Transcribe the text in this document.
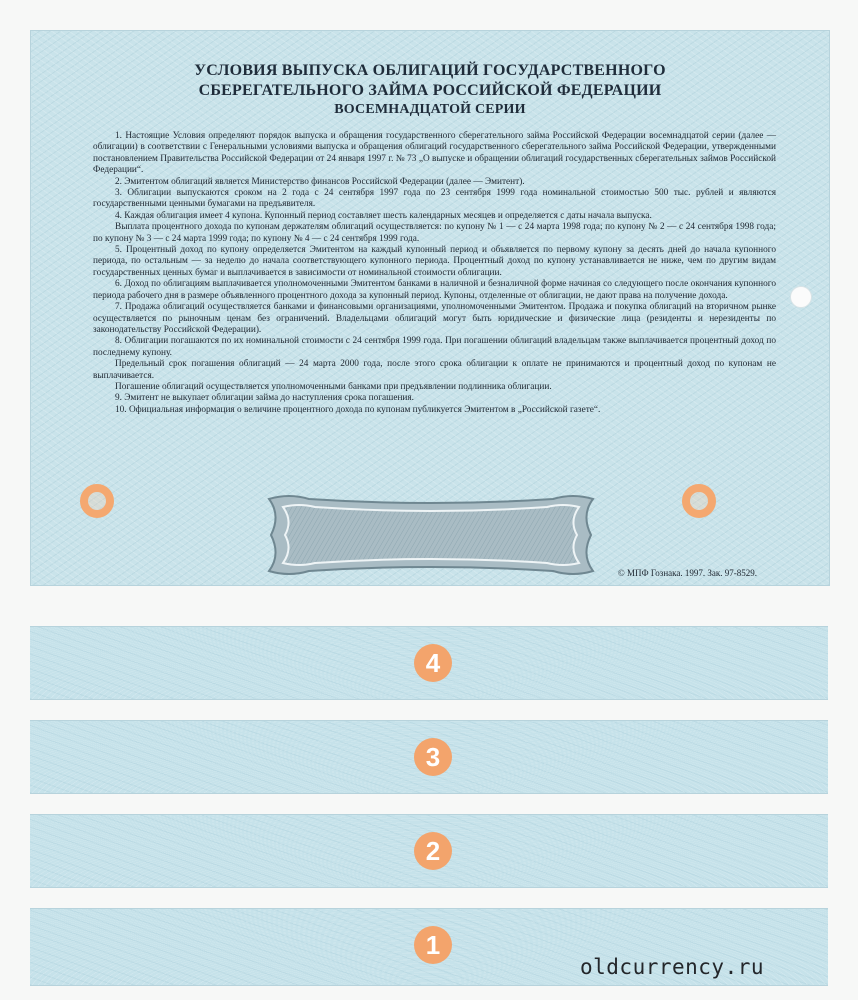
УСЛОВИЯ ВЫПУСКА ОБЛИГАЦИЙ ГОСУДАРСТВЕННОГО
СБЕРЕГАТЕЛЬНОГО ЗАЙМА РОССИЙСКОЙ ФЕДЕРАЦИИ

ВОСЕМНАДЦАТОЙ СЕРИИ

1. Настоящие Условия определяют порядок выпуска и обращения государственного сберегательного займа Российской Федерации восемнадцатой серии (далее — облигации) в соответствии с Генеральными условиями выпуска и обращения облигаций государственного сберегательного займа Российской Федерации, утвержденными постановлением Правительства Российской Федерации от 24 января 1997 г. № 73 „О выпуске и обращении облигаций государственных сберегательных займов Российской Федерации“.

2. Эмитентом облигаций является Министерство финансов Российской Федерации (далее — Эмитент).

3. Облигации выпускаются сроком на 2 года с 24 сентября 1997 года по 23 сентября 1999 года номинальной стоимостью 500 тыс. рублей и являются государственными ценными бумагами на предъявителя.

4. Каждая облигация имеет 4 купона. Купонный период составляет шесть календарных месяцев и определяется с даты начала выпуска.

Выплата процентного дохода по купонам держателям облигаций осуществляется: по купону № 1 — с 24 марта 1998 года; по купону № 2 — с 24 сентября 1998 года; по купону № 3 — с 24 марта 1999 года; по купону № 4 — с 24 сентября 1999 года.

5. Процентный доход по купону определяется Эмитентом на каждый купонный период и объявляется по первому купону за десять дней до начала купонного периода, по остальным — за неделю до начала соответствующего купонного периода. Процентный доход по купону устанавливается не ниже, чем по другим видам государственных ценных бумаг и выплачивается в зависимости от номинальной стоимости облигации.

6. Доход по облигациям выплачивается уполномоченными Эмитентом банками в наличной и безналичной форме начиная со следующего после окончания купонного периода рабочего дня в размере объявленного процентного дохода за купонный период. Купоны, отделенные от облигации, не дают права на получение дохода.

7. Продажа облигаций осуществляется банками и финансовыми организациями, уполномоченными Эмитентом. Продажа и покупка облигаций на вторичном рынке осуществляется по рыночным ценам без ограничений. Владельцами облигаций могут быть юридические и физические лица (резиденты и нерезиденты по законодательству Российской Федерации).

8. Облигации погашаются по их номинальной стоимости с 24 сентября 1999 года. При погашении облигаций владельцам также выплачивается процентный доход по последнему купону.

Предельный срок погашения облигаций — 24 марта 2000 года, после этого срока облигации к оплате не принимаются и процентный доход по купонам не выплачивается.

Погашение облигаций осуществляется уполномоченными банками при предъявлении подлинника облигации.

9. Эмитент не выкупает облигации займа до наступления срока погашения.

10. Официальная информация о величине процентного дохода по купонам публикуется Эмитентом в „Российской газете“.

© МПФ Гознака. 1997. Зак. 97-8529.
4
3
2
1
oldcurrency.ru
